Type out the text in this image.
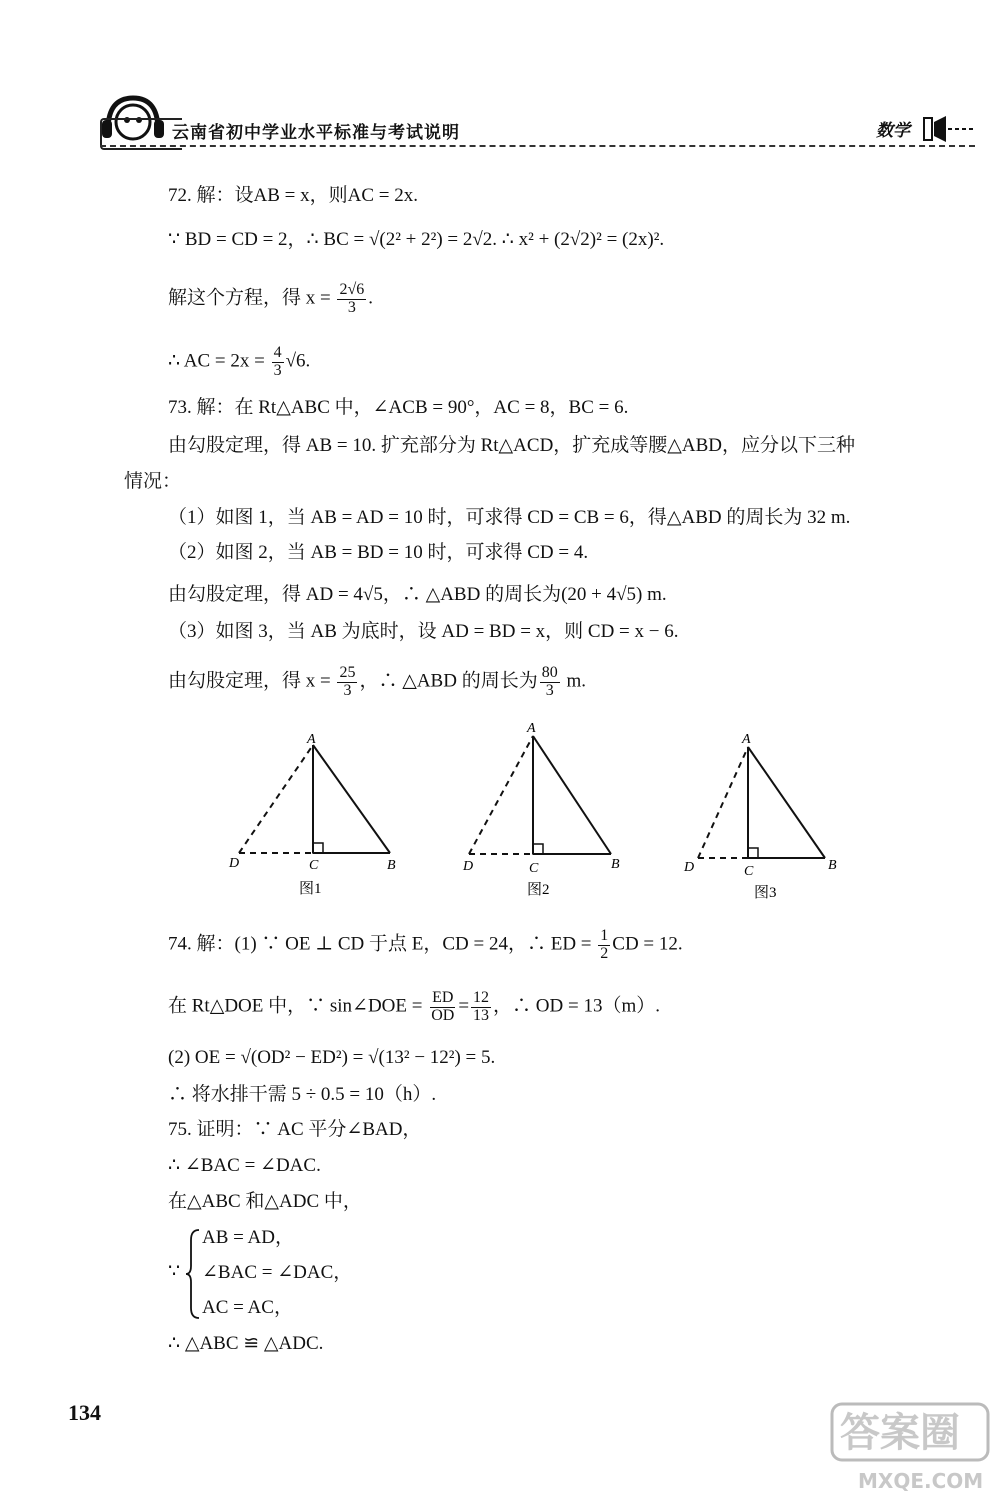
云南省初中学业水平标准与考试说明	数学
72. 解：设AB = x，则AC = 2x.
∵ BD = CD = 2，∴ BC = √(2² + 2²) = 2√2. ∴ x² + (2√2)² = (2x)².
解这个方程，得 $x = \frac{2√6}{3}$ .
∴ AC = $2x = \frac{4}{3} √6$.
73. 解：在 Rt△ABC 中，∠ACB = 90°，AC = 8，BC = 6.
由勾股定理，得 AB = 10. 扩充部分为 Rt△ACD，扩充成等腰△ABD，应分以下三种
情况：
（1）如图 1，当 AB = AD = 10 时，可求得 CD = CB = 6，得△ABD 的周长为 32 m.
（2）如图 2，当 AB = BD = 10 时，可求得 CD = 4.
由勾股定理，得 AD = 4√5，∴ △ABD 的周长为(20 + 4√5) m.
（3）如图 3，当 AB 为底时，设 AD = BD = x，则 CD = x − 6.
由勾股定理，得 $x = \frac{25}{3}$ ，∴ △ABD 的周长为 $\frac{80}{3} m$.
A
B
C
D
图1
A
B
C
D
图2
A
B
C
D
图3
74. 解：(1) ∵ OE ⊥ CD 于点 E，CD = 24，∴ ED = $\frac{1}{2}$ CD = 12.
在 Rt△DOE 中，∵ sin∠DOE = $\frac{ED}{OD} = \frac{12}{13}$ ，∴ OD = 13（m）.
(2) OE = √(OD² − ED²) = √(13² − 12²) = 5.
∴ 将水排干需 5 ÷ 0.5 = 10（h）.
75. 证明：∵ AC 平分∠BAD，
∴ ∠BAC = ∠DAC.
在△ABC 和△ADC 中，
∵
AB = AD，
∠BAC = ∠DAC，
AC = AC，
∴ △ABC ≌ △ADC.
134	答案圈
MXQE.COM
